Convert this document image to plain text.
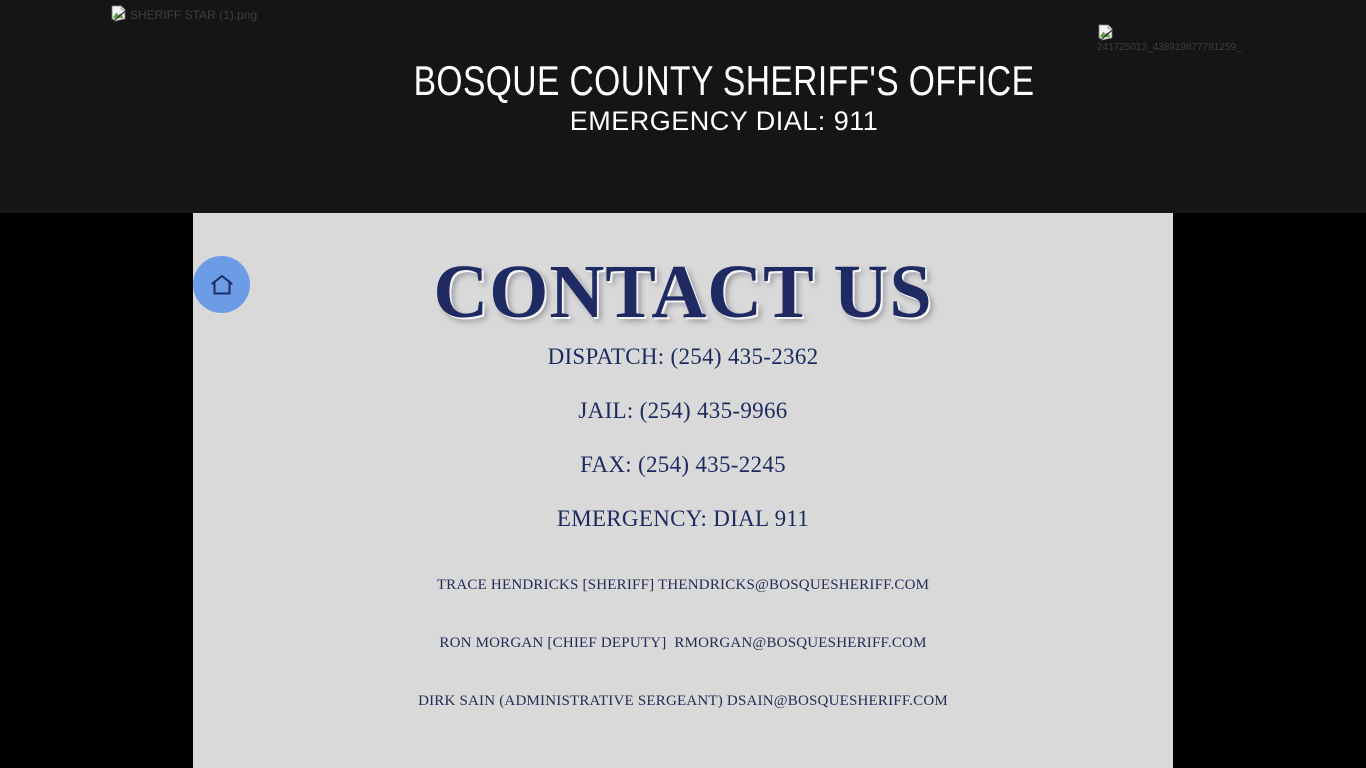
SHERIFF STAR (1).png
241725013_438919877781259_
BOSQUE COUNTY SHERIFF'S OFFICE
EMERGENCY DIAL: 911
CONTACT US

DISPATCH: (254) 435-2362

JAIL: (254) 435-9966

FAX: (254) 435-2245

EMERGENCY: DIAL 911

TRACE HENDRICKS [SHERIFF] THENDRICKS@BOSQUESHERIFF.COM

RON MORGAN [CHIEF DEPUTY]  RMORGAN@BOSQUESHERIFF.COM

DIRK SAIN (ADMINISTRATIVE SERGEANT) DSAIN@BOSQUESHERIFF.COM
